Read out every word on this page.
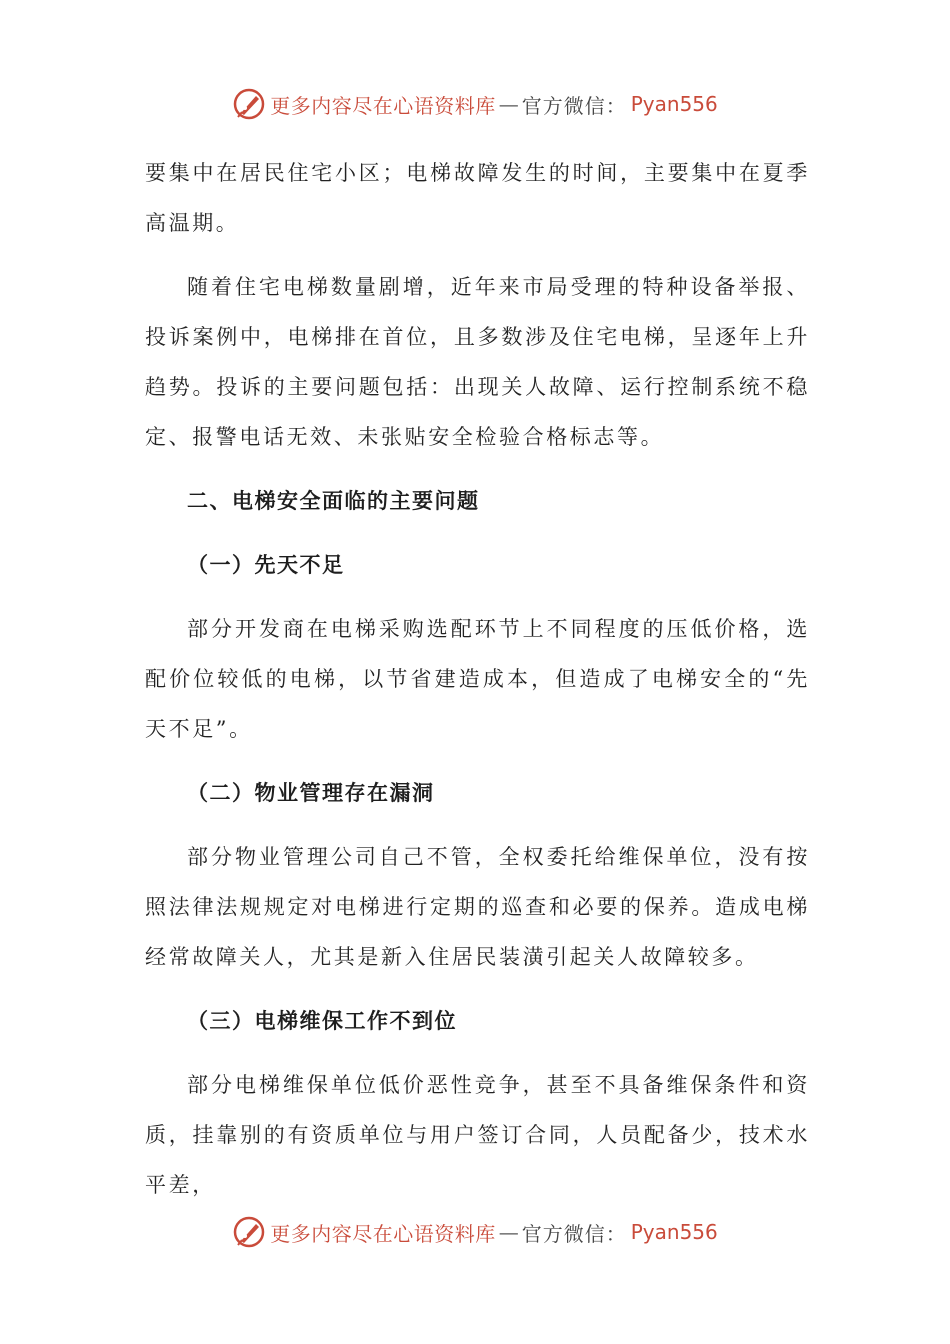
更多内容尽在心语资料库 — 官方微信： Pyan556

要集中在居民住宅小区；电梯故障发生的时间，主要集中在夏季高温期。

随着住宅电梯数量剧增，近年来市局受理的特种设备举报、投诉案例中，电梯排在首位，且多数涉及住宅电梯，呈逐年上升趋势。投诉的主要问题包括：出现关人故障、运行控制系统不稳定、报警电话无效、未张贴安全检验合格标志等。

二、电梯安全面临的主要问题

（一）先天不足

部分开发商在电梯采购选配环节上不同程度的压低价格，选配价位较低的电梯，以节省建造成本，但造成了电梯安全的“先天不足”。

（二）物业管理存在漏洞

部分物业管理公司自己不管，全权委托给维保单位，没有按照法律法规规定对电梯进行定期的巡查和必要的保养。造成电梯经常故障关人，尤其是新入住居民装潢引起关人故障较多。

（三）电梯维保工作不到位

部分电梯维保单位低价恶性竞争，甚至不具备维保条件和资质，挂靠别的有资质单位与用户签订合同，人员配备少，技术水平差，

更多内容尽在心语资料库 — 官方微信： Pyan556
